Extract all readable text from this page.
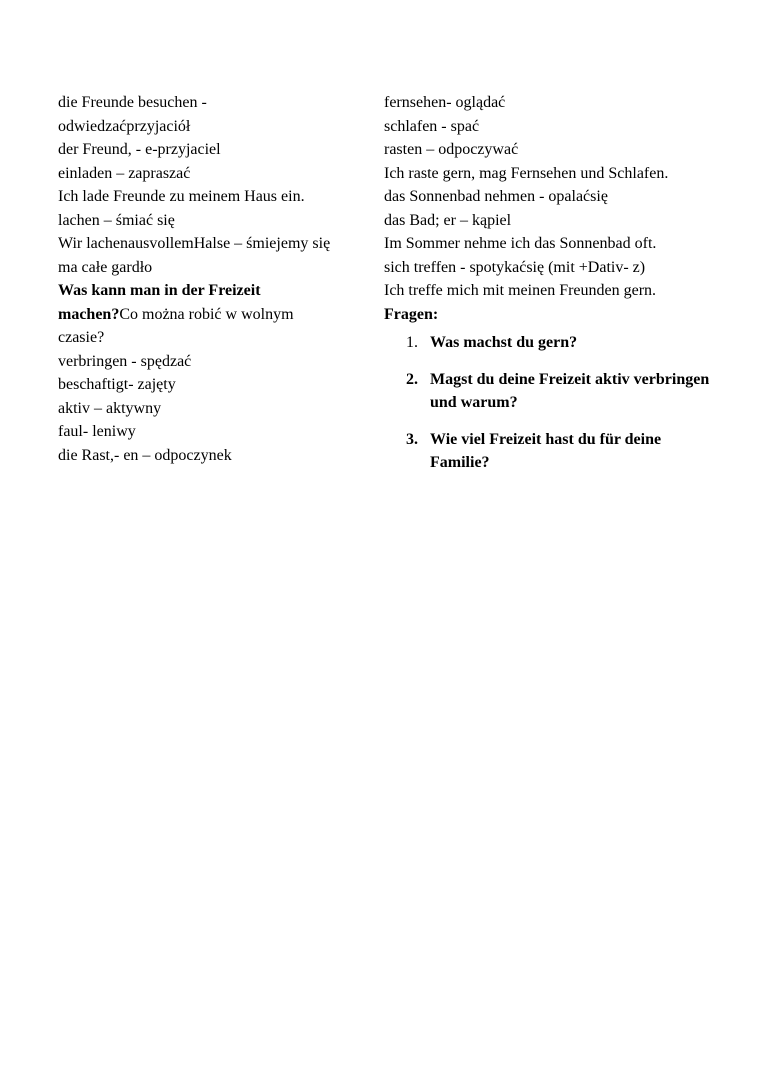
die Freunde besuchen -
odwiedzaćprzyjaciół
der Freund, - e-przyjaciel
einladen – zapraszać
Ich lade Freunde zu meinem Haus ein.
lachen – śmiać się
Wir lachenausvollemHalse – śmiejemy się
ma całe gardło
Was kann man in der Freizeit
machen?Co można robić w wolnym
czasie?
verbringen - spędzać
beschaftigt- zajęty
aktiv – aktywny
faul- leniwy
die Rast,- en – odpoczynek
fernsehen- oglądać
schlafen - spać
rasten – odpoczywać
Ich raste gern, mag Fernsehen und Schlafen.
das Sonnenbad nehmen - opalaćsię
das Bad; er – kąpiel
Im Sommer nehme ich das Sonnenbad oft.
sich treffen - spotykaćsię (mit +Dativ- z)
Ich treffe mich mit meinen Freunden gern.
Fragen:
1. Was machst du gern?
2. Magst du deine Freizeit aktiv verbringen und warum?
3. Wie viel Freizeit hast du für deine Familie?
